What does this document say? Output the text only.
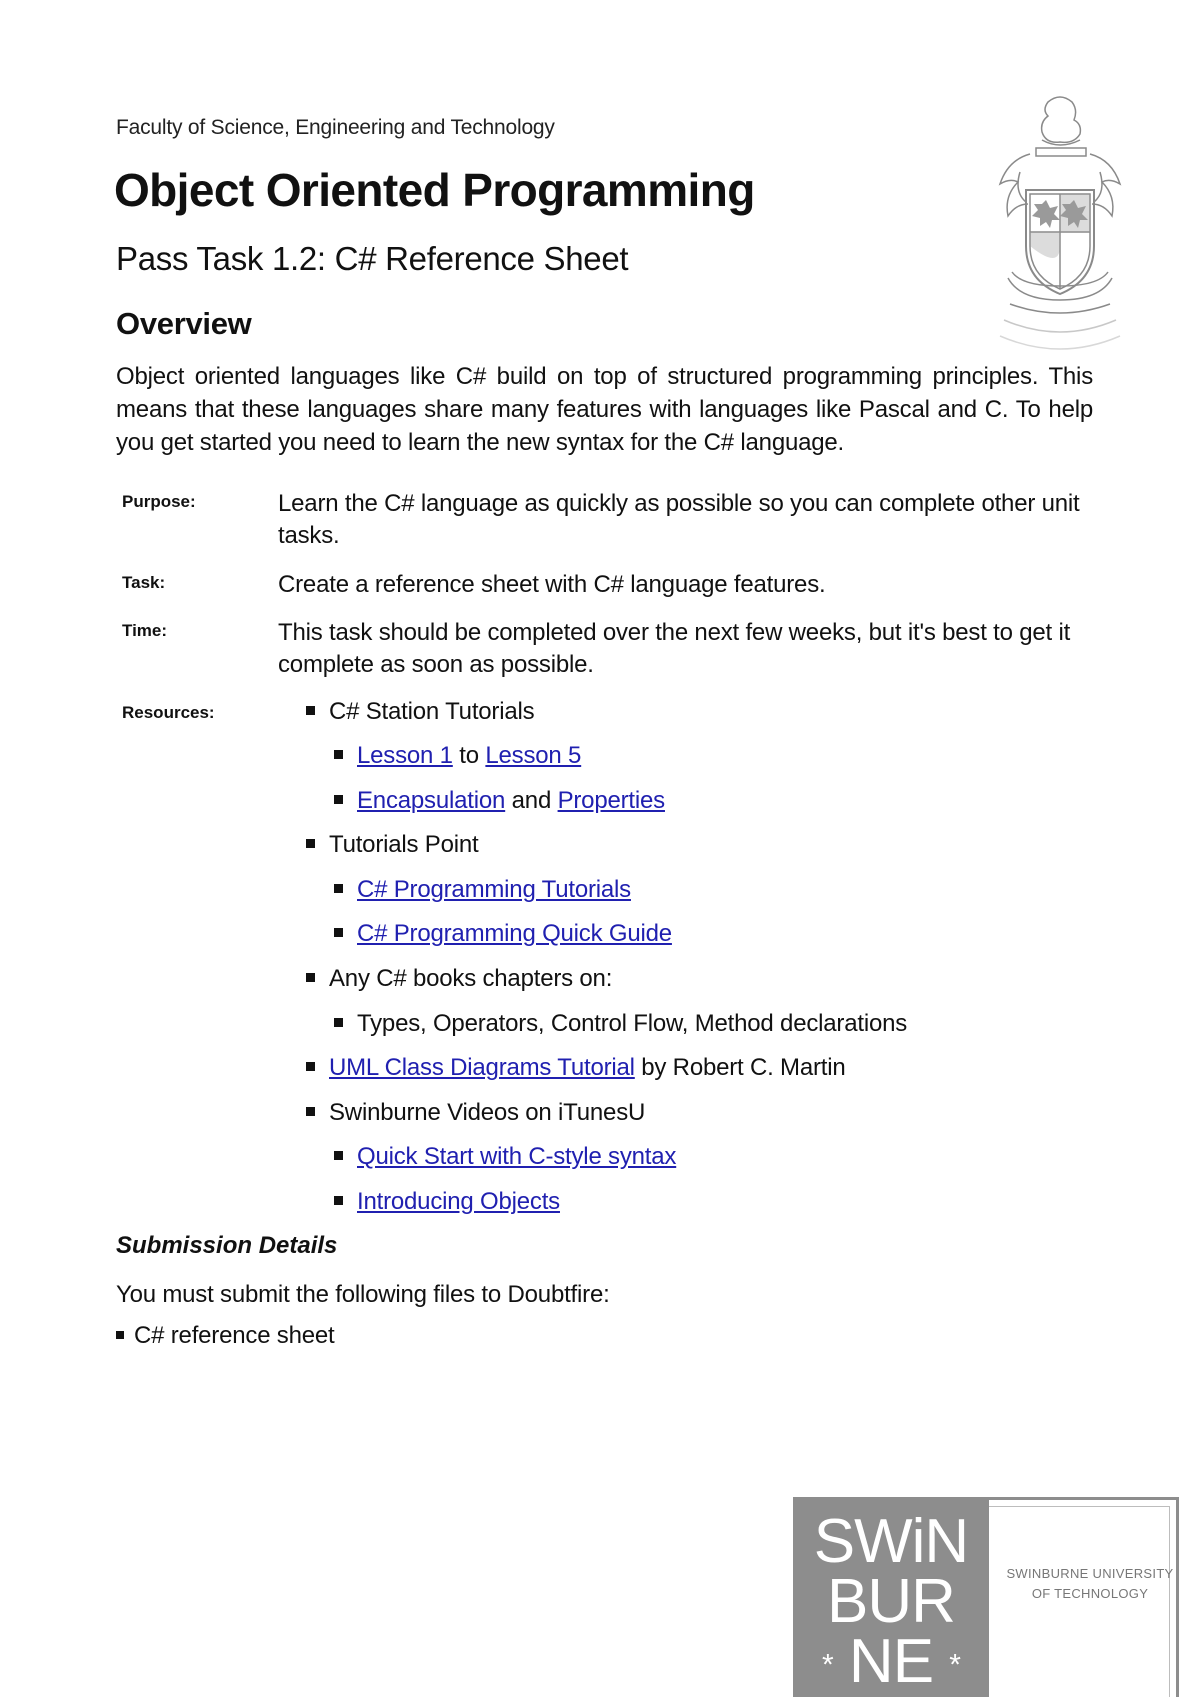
Faculty of Science, Engineering and Technology
Object Oriented Programming
Pass Task 1.2: C# Reference Sheet
Overview
Object oriented languages like C# build on top of structured programming principles. This means that these languages share many features with languages like Pascal and C. To help you get started you need to learn the new syntax for the C# language.
Purpose:	Learn the C# language as quickly as possible so you can complete other unit tasks.
Task:	Create a reference sheet with C# language features.
Time:	This task should be completed over the next few weeks, but it's best to get it complete as soon as possible.
Resources:	C# Station Tutorials
Lesson 1 to Lesson 5
Encapsulation and Properties
Tutorials Point
C# Programming Tutorials
C# Programming Quick Guide
Any C# books chapters on:
Types, Operators, Control Flow, Method declarations
UML Class Diagrams Tutorial by Robert C. Martin
Swinburne Videos on iTunesU
Quick Start with C-style syntax
Introducing Objects
Submission Details
You must submit the following files to Doubtfire:
C# reference sheet
SWiN
BUR
* NE *
SWINBURNE UNIVERSITY
OF TECHNOLOGY
